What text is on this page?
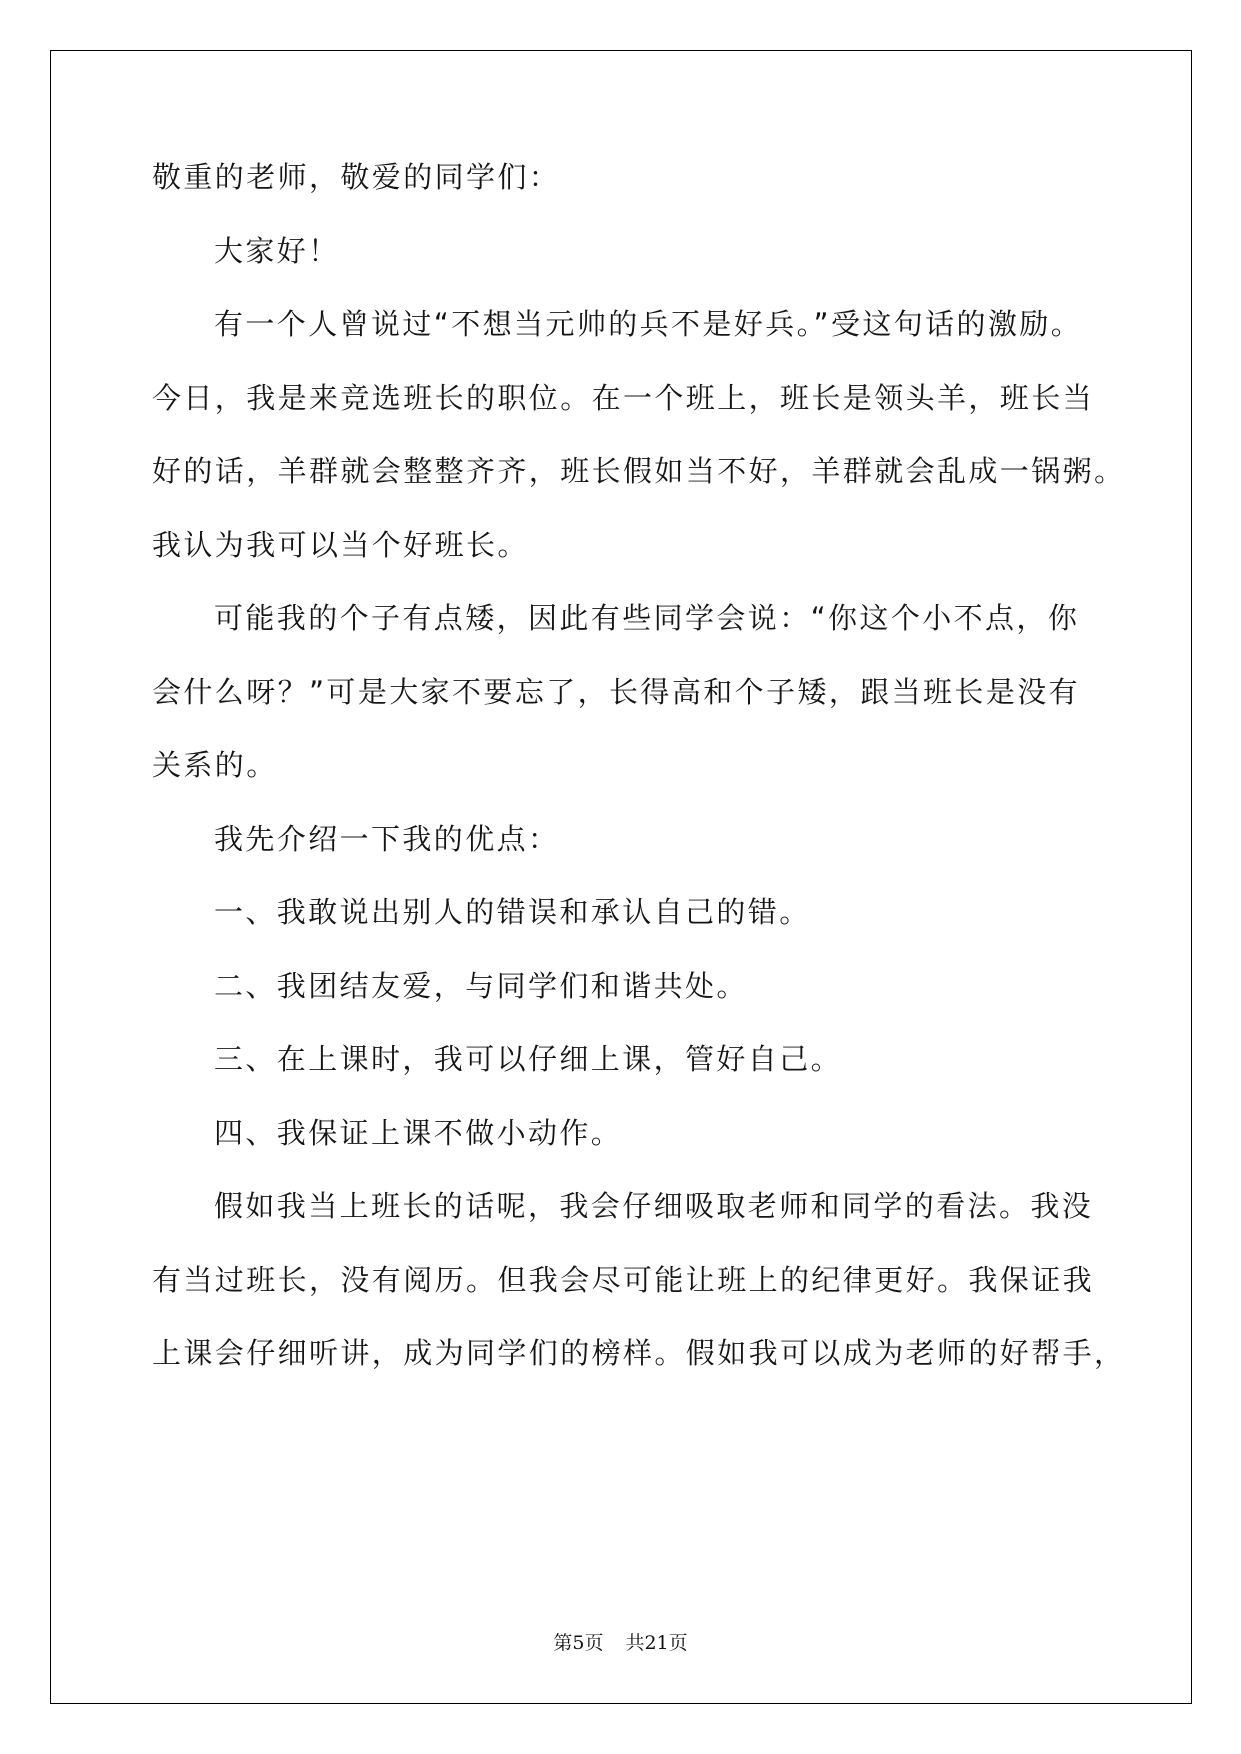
敬重的老师，敬爱的同学们：
大家好！
有一个人曾说过“不想当元帅的兵不是好兵。”受这句话的激励。
今日，我是来竞选班长的职位。在一个班上，班长是领头羊，班长当
好的话，羊群就会整整齐齐，班长假如当不好，羊群就会乱成一锅粥。
我认为我可以当个好班长。
可能我的个子有点矮，因此有些同学会说：“你这个小不点，你
会什么呀？”可是大家不要忘了，长得高和个子矮，跟当班长是没有
关系的。
我先介绍一下我的优点：
一、我敢说出别人的错误和承认自己的错。
二、我团结友爱，与同学们和谐共处。
三、在上课时，我可以仔细上课，管好自己。
四、我保证上课不做小动作。
假如我当上班长的话呢，我会仔细吸取老师和同学的看法。我没
有当过班长，没有阅历。但我会尽可能让班上的纪律更好。我保证我
上课会仔细听讲，成为同学们的榜样。假如我可以成为老师的好帮手，
第5页 共21页
